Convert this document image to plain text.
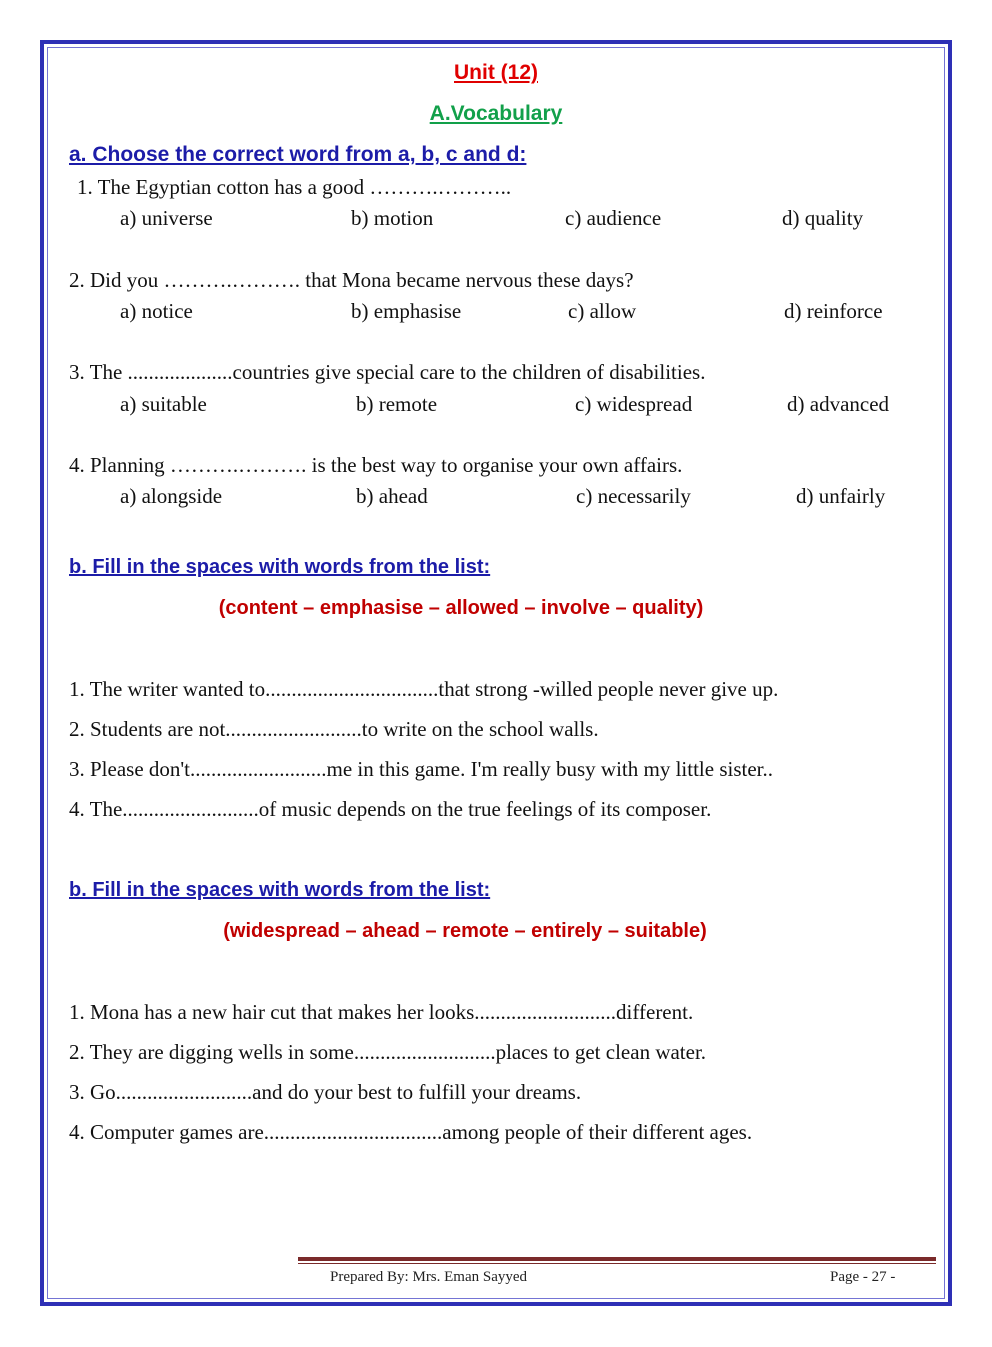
Unit (12)
A.Vocabulary
a. Choose the correct word from a, b, c and d:
1. The Egyptian cotton has a good ……….………..
a) universe	b) motion	c) audience	d) quality
2. Did you ……….………. that Mona became nervous these days?
a) notice	b) emphasise	c) allow	d) reinforce
3. The ....................countries give special care to the children of disabilities.
a) suitable	b) remote	c) widespread	d) advanced
4. Planning ……….………. is the best way to organise your own affairs.
a) alongside	b) ahead	c) necessarily	d) unfairly
b. Fill in the spaces with words from the list:
(content – emphasise – allowed – involve – quality)
1. The writer wanted to.................................that strong -willed people never give up.
2. Students are not..........................to write on the school walls.
3. Please don't..........................me in this game. I'm really busy with my little sister..
4. The..........................of music depends on the true feelings of its composer.
b. Fill in the spaces with words from the list:
(widespread – ahead – remote – entirely – suitable)
1. Mona has a new hair cut that makes her looks...........................different.
2. They are digging wells in some...........................places to get clean water.
3. Go..........................and do your best to fulfill your dreams.
4. Computer games are..................................among people of their different ages.
Prepared By: Mrs. Eman Sayyed	Page - 27 -
